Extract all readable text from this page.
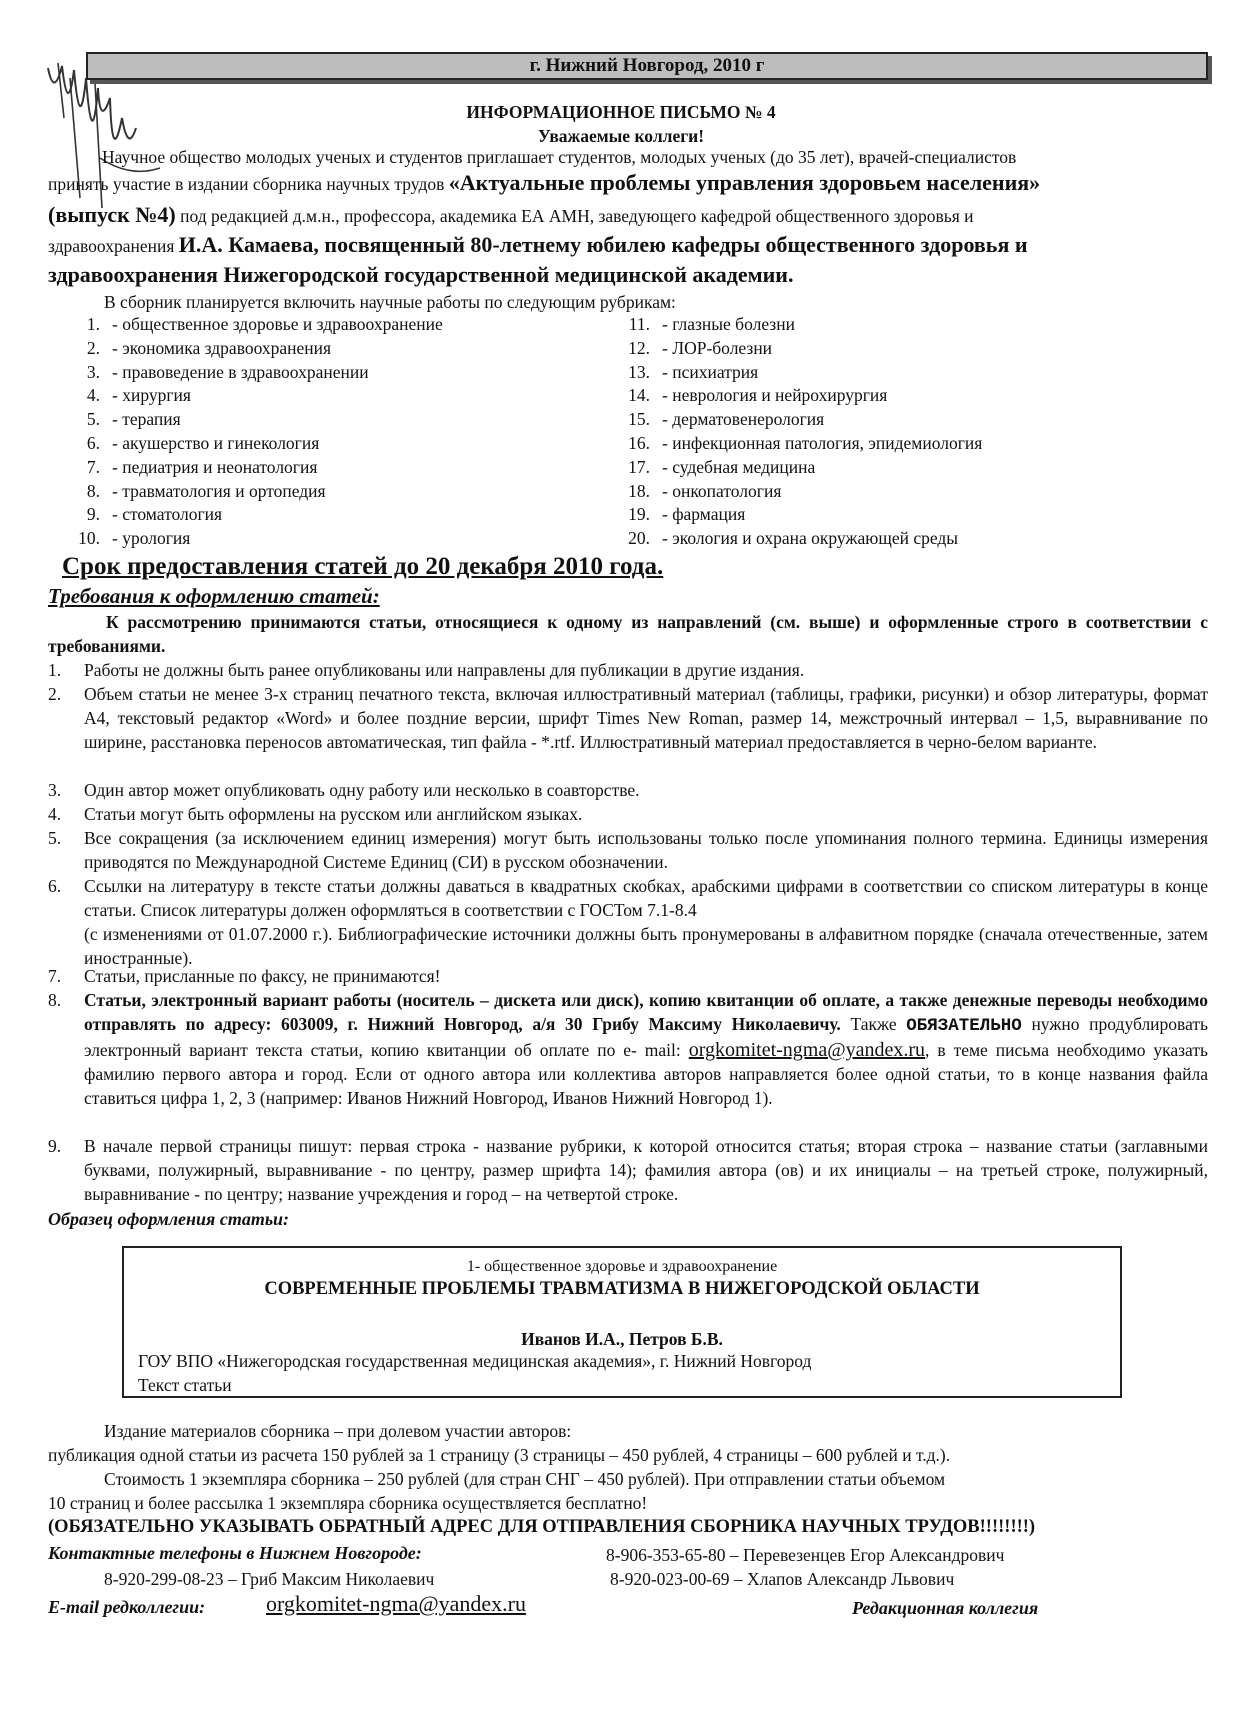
г. Нижний Новгород, 2010 г
ИНФОРМАЦИОННОЕ ПИСЬМО № 4
Уважаемые коллеги!
Научное общество молодых ученых и студентов приглашает студентов, молодых ученых (до 35 лет), врачей-специалистов
принять участие в издании сборника научных трудов «Актуальные проблемы управления здоровьем населения»
(выпуск №4) под редакцией д.м.н., профессора, академика ЕА АМН, заведующего кафедрой общественного здоровья и
здравоохранения И.А. Камаева, посвященный 80-летнему юбилею кафедры общественного здоровья и
здравоохранения Нижегородской государственной медицинской академии.
В сборник планируется включить научные работы по следующим рубрикам:
1. - общественное здоровье и здравоохранение
2. - экономика здравоохранения
3. - правоведение в здравоохранении
4. - хирургия
5. - терапия
6. - акушерство и гинекология
7. - педиатрия и неонатология
8. - травматология и ортопедия
9. - стоматология
10. - урология
11. - глазные болезни
12. - ЛОР-болезни
13. - психиатрия
14. - неврология и нейрохирургия
15. - дерматовенерология
16. - инфекционная патология, эпидемиология
17. - судебная медицина
18. - онкопатология
19. - фармация
20. - экология и охрана окружающей среды
Срок предоставления статей до 20 декабря 2010 года.
Требования к оформлению статей:
К рассмотрению принимаются статьи, относящиеся к одному из направлений (см. выше) и оформленные строго в соответствии с требованиями.
1.	Работы не должны быть ранее опубликованы или направлены для публикации в другие издания.
2.	Объем статьи не менее 3-х страниц печатного текста, включая иллюстративный материал (таблицы, графики, рисунки) и обзор литературы, формат А4, текстовый редактор «Word» и более поздние версии, шрифт Times New Roman, размер 14, межстрочный интервал – 1,5, выравнивание по ширине, расстановка переносов автоматическая, тип файла - *.rtf. Иллюстративный материал предоставляется в черно-белом варианте.
3.	Один автор может опубликовать одну работу или несколько в соавторстве.
4.	Статьи могут быть оформлены на русском или английском языках.
5.	Все сокращения (за исключением единиц измерения) могут быть использованы только после упоминания полного термина. Единицы измерения приводятся по Международной Системе Единиц (СИ) в русском обозначении.
6.	Ссылки на литературу в тексте статьи должны даваться в квадратных скобках, арабскими цифрами в соответствии со списком литературы в конце статьи. Список литературы должен оформляться в соответствии с ГОСТом 7.1-8.4
(с изменениями от 01.07.2000 г.). Библиографические источники должны быть пронумерованы в алфавитном порядке (сначала отечественные, затем иностранные).
7.	Статьи, присланные по факсу, не принимаются!
8.	Статьи, электронный вариант работы (носитель – дискета или диск), копию квитанции об оплате, а также денежные переводы необходимо отправлять по адресу: 603009, г. Нижний Новгород, а/я 30 Грибу Максиму Николаевичу. Также ОБЯЗАТЕЛЬНО нужно продублировать электронный вариант текста статьи, копию квитанции об оплате по е- mail: orgkomitet-ngma@yandex.ru, в теме письма необходимо указать фамилию первого автора и город. Если от одного автора или коллектива авторов направляется более одной статьи, то в конце названия файла ставиться цифра 1, 2, 3 (например: Иванов Нижний Новгород, Иванов Нижний Новгород 1).
9.	В начале первой страницы пишут: первая строка - название рубрики, к которой относится статья; вторая строка – название статьи (заглавными буквами, полужирный, выравнивание - по центру, размер шрифта 14); фамилия автора (ов) и их инициалы – на третьей строке, полужирный, выравнивание - по центру; название учреждения и город – на четвертой строке.
Образец оформления статьи:
1- общественное здоровье и здравоохранение
СОВРЕМЕННЫЕ ПРОБЛЕМЫ ТРАВМАТИЗМА В НИЖЕГОРОДСКОЙ ОБЛАСТИ
Иванов И.А., Петров Б.В.
ГОУ ВПО «Нижегородская государственная медицинская академия», г. Нижний Новгород
Текст статьи
Издание материалов сборника – при долевом участии авторов:
публикация одной статьи из расчета 150 рублей за 1 страницу (3 страницы – 450 рублей, 4 страницы – 600 рублей и т.д.).
Стоимость 1 экземпляра сборника – 250 рублей (для стран СНГ – 450 рублей). При отправлении статьи объемом
10 страниц и более рассылка 1 экземпляра сборника осуществляется бесплатно!
(ОБЯЗАТЕЛЬНО УКАЗЫВАТЬ ОБРАТНЫЙ АДРЕС ДЛЯ ОТПРАВЛЕНИЯ СБОРНИКА НАУЧНЫХ ТРУДОВ!!!!!!!!)
Контактные телефоны в Нижнем Новгороде:	8-906-353-65-80 – Перевезенцев Егор Александрович
8-920-299-08-23 – Гриб Максим Николаевич	8-920-023-00-69 – Хлапов Александр Львович
E-mail редколлегии:	orgkomitet-ngma@yandex.ru	Редакционная коллегия
